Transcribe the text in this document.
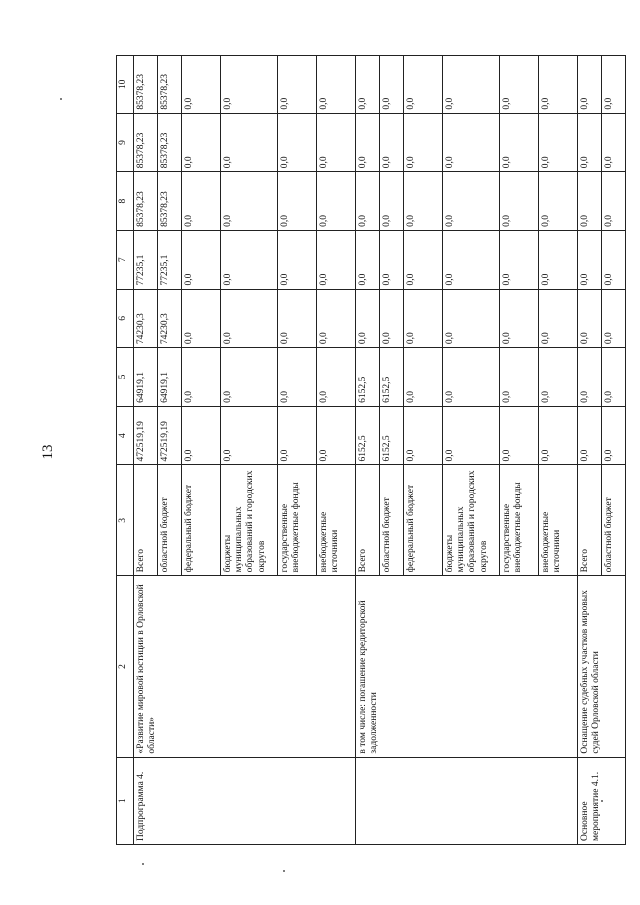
13
1	2	3	4	5	6	7	8	9	10
Подпрограмма 4.	«Развитие мировой юстиции в Орловской области»	Всего	472519,19	64919,1	74230,3	77235,1	85378,23	85378,23	85378,23
		областной бюджет	472519,19	64919,1	74230,3	77235,1	85378,23	85378,23	85378,23
		федеральный бюджет	0,0	0,0	0,0	0,0	0,0	0,0	0,0
		бюджеты муниципальных образований и городских округов	0,0	0,0	0,0	0,0	0,0	0,0	0,0
		государственные внебюджетные фонды	0,0	0,0	0,0	0,0	0,0	0,0	0,0
		внебюджетные источники	0,0	0,0	0,0	0,0	0,0	0,0	0,0
	в том числе: погашение кредиторской задолженности	Всего	6152,5	6152,5	0,0	0,0	0,0	0,0	0,0
		областной бюджет	6152,5	6152,5	0,0	0,0	0,0	0,0	0,0
		федеральный бюджет	0,0	0,0	0,0	0,0	0,0	0,0	0,0
		бюджеты муниципальных образований и городских округов	0,0	0,0	0,0	0,0	0,0	0,0	0,0
		государственные внебюджетные фонды	0,0	0,0	0,0	0,0	0,0	0,0	0,0
		внебюджетные источники	0,0	0,0	0,0	0,0	0,0	0,0	0,0
Основное мероприятие 4.1.	Оснащение судебных участков мировых судей Орловской области	Всего	0,0	0,0	0,0	0,0	0,0	0,0	0,0
		областной бюджет	0,0	0,0	0,0	0,0	0,0	0,0	0,0
